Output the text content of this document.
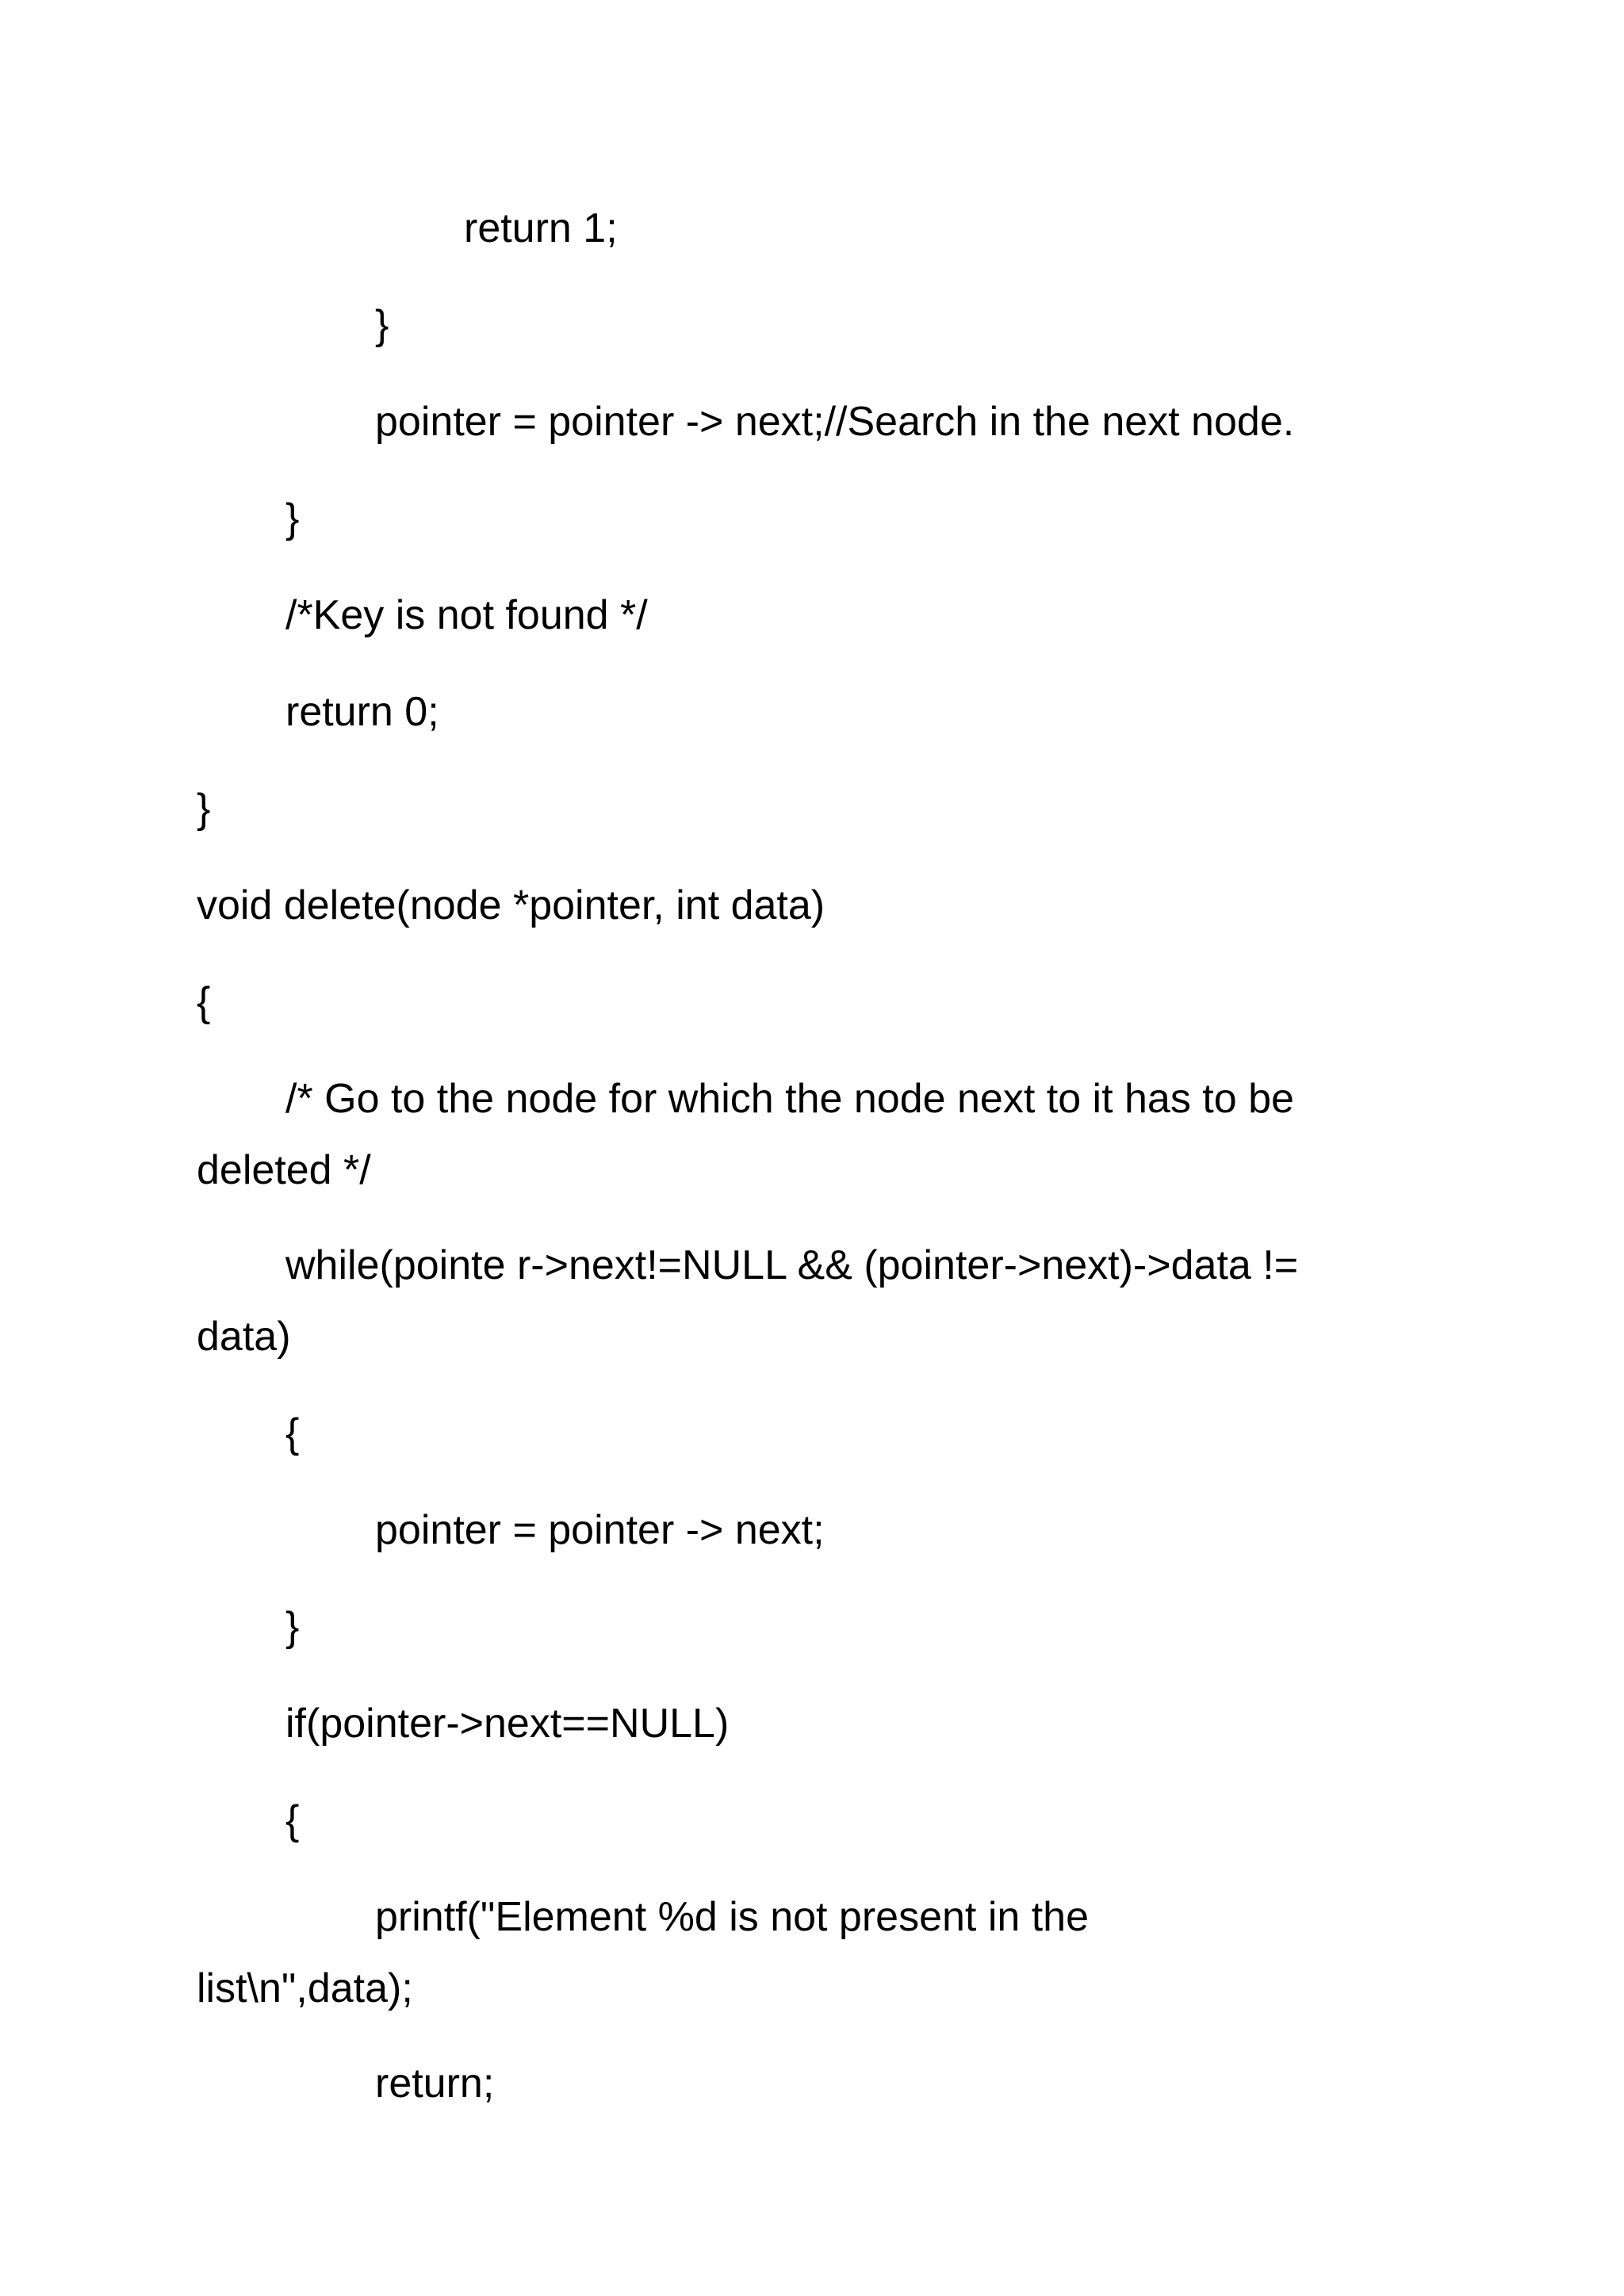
return 1;
}
pointer = pointer -> next;//Search in the next node.
}
/*Key is not found */
return 0;
}
void delete(node *pointer, int data)
{
/* Go to the node for which the node next to it has to be
deleted */
while(pointe r->next!=NULL && (pointer->next)->data !=
data)
{
pointer = pointer -> next;
}
if(pointer->next==NULL)
{
printf("Element %d is not present in the
list\n",data);
return;
